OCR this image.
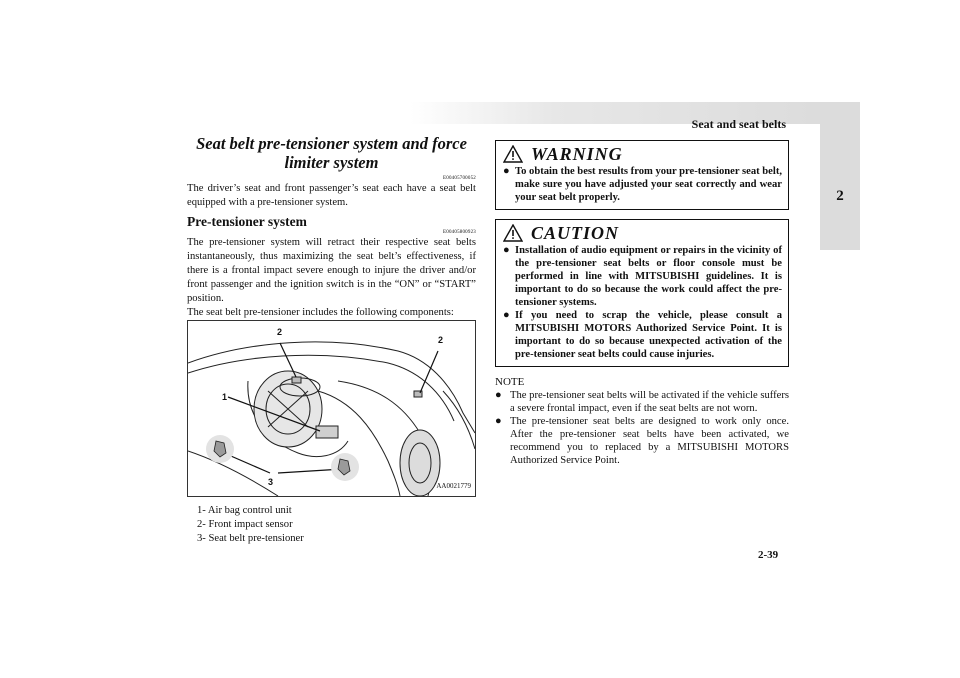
Seat and seat belts
2

Seat belt pre-tensioner system and force limiter system

E00405700052

The driver’s seat and front passenger’s seat each have a seat belt equipped with a pre-tensioner system.

Pre-tensioner system

E00405800923

The pre-tensioner system will retract their respective seat belts instantaneously, thus maximizing the seat belt’s effectiveness, if there is a frontal impact severe enough to injure the driver and/or front passenger and the ignition switch is in the “ON” or “START” position.

The seat belt pre-tensioner includes the following components:

2
2
1
3	AA0021779
1- Air bag control unit
2- Front impact sensor
3- Seat belt pre-tensioner
WARNING
● To obtain the best results from your pre-tensioner seat belt, make sure you have adjusted your seat correctly and wear your seat belt properly.
CAUTION
● Installation of audio equipment or repairs in the vicinity of the pre-tensioner seat belts or floor console must be performed in line with MITSUBISHI guidelines. It is important to do so because the work could affect the pre-tensioner systems.
● If you need to scrap the vehicle, please consult a MITSUBISHI MOTORS Authorized Service Point. It is important to do so because unexpected activation of the pre-tensioner seat belts could cause injuries.
NOTE
● The pre-tensioner seat belts will be activated if the vehicle suffers a severe frontal impact, even if the seat belts are not worn.
● The pre-tensioner seat belts are designed to work only once. After the pre-tensioner seat belts have been activated, we recommend you to replaced by a MITSUBISHI MOTORS Authorized Service Point.
2-39
